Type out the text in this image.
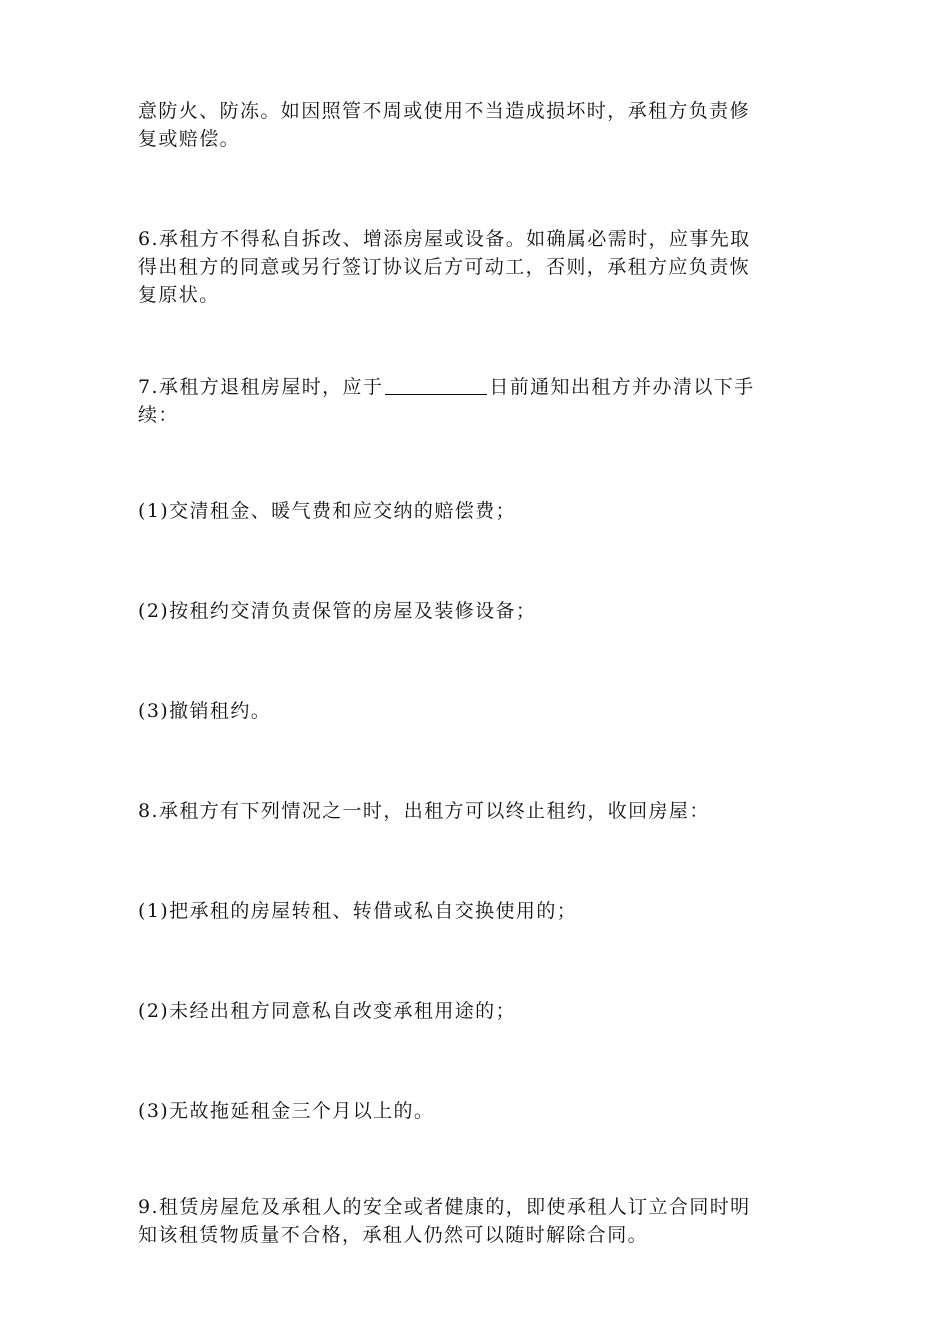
意防火、防冻。如因照管不周或使用不当造成损坏时，承租方负责修
复或赔偿。

6.承租方不得私自拆改、增添房屋或设备。如确属必需时，应事先取
得出租方的同意或另行签订协议后方可动工，否则，承租方应负责恢
复原状。

7.承租方退租房屋时，应于	日前通知出租方并办清以下手
续：

(1)交清租金、暖气费和应交纳的赔偿费；

(2)按租约交清负责保管的房屋及装修设备；

(3)撤销租约。

8.承租方有下列情况之一时，出租方可以终止租约，收回房屋：

(1)把承租的房屋转租、转借或私自交换使用的；

(2)未经出租方同意私自改变承租用途的；

(3)无故拖延租金三个月以上的。

9.租赁房屋危及承租人的安全或者健康的，即使承租人订立合同时明
知该租赁物质量不合格，承租人仍然可以随时解除合同。
